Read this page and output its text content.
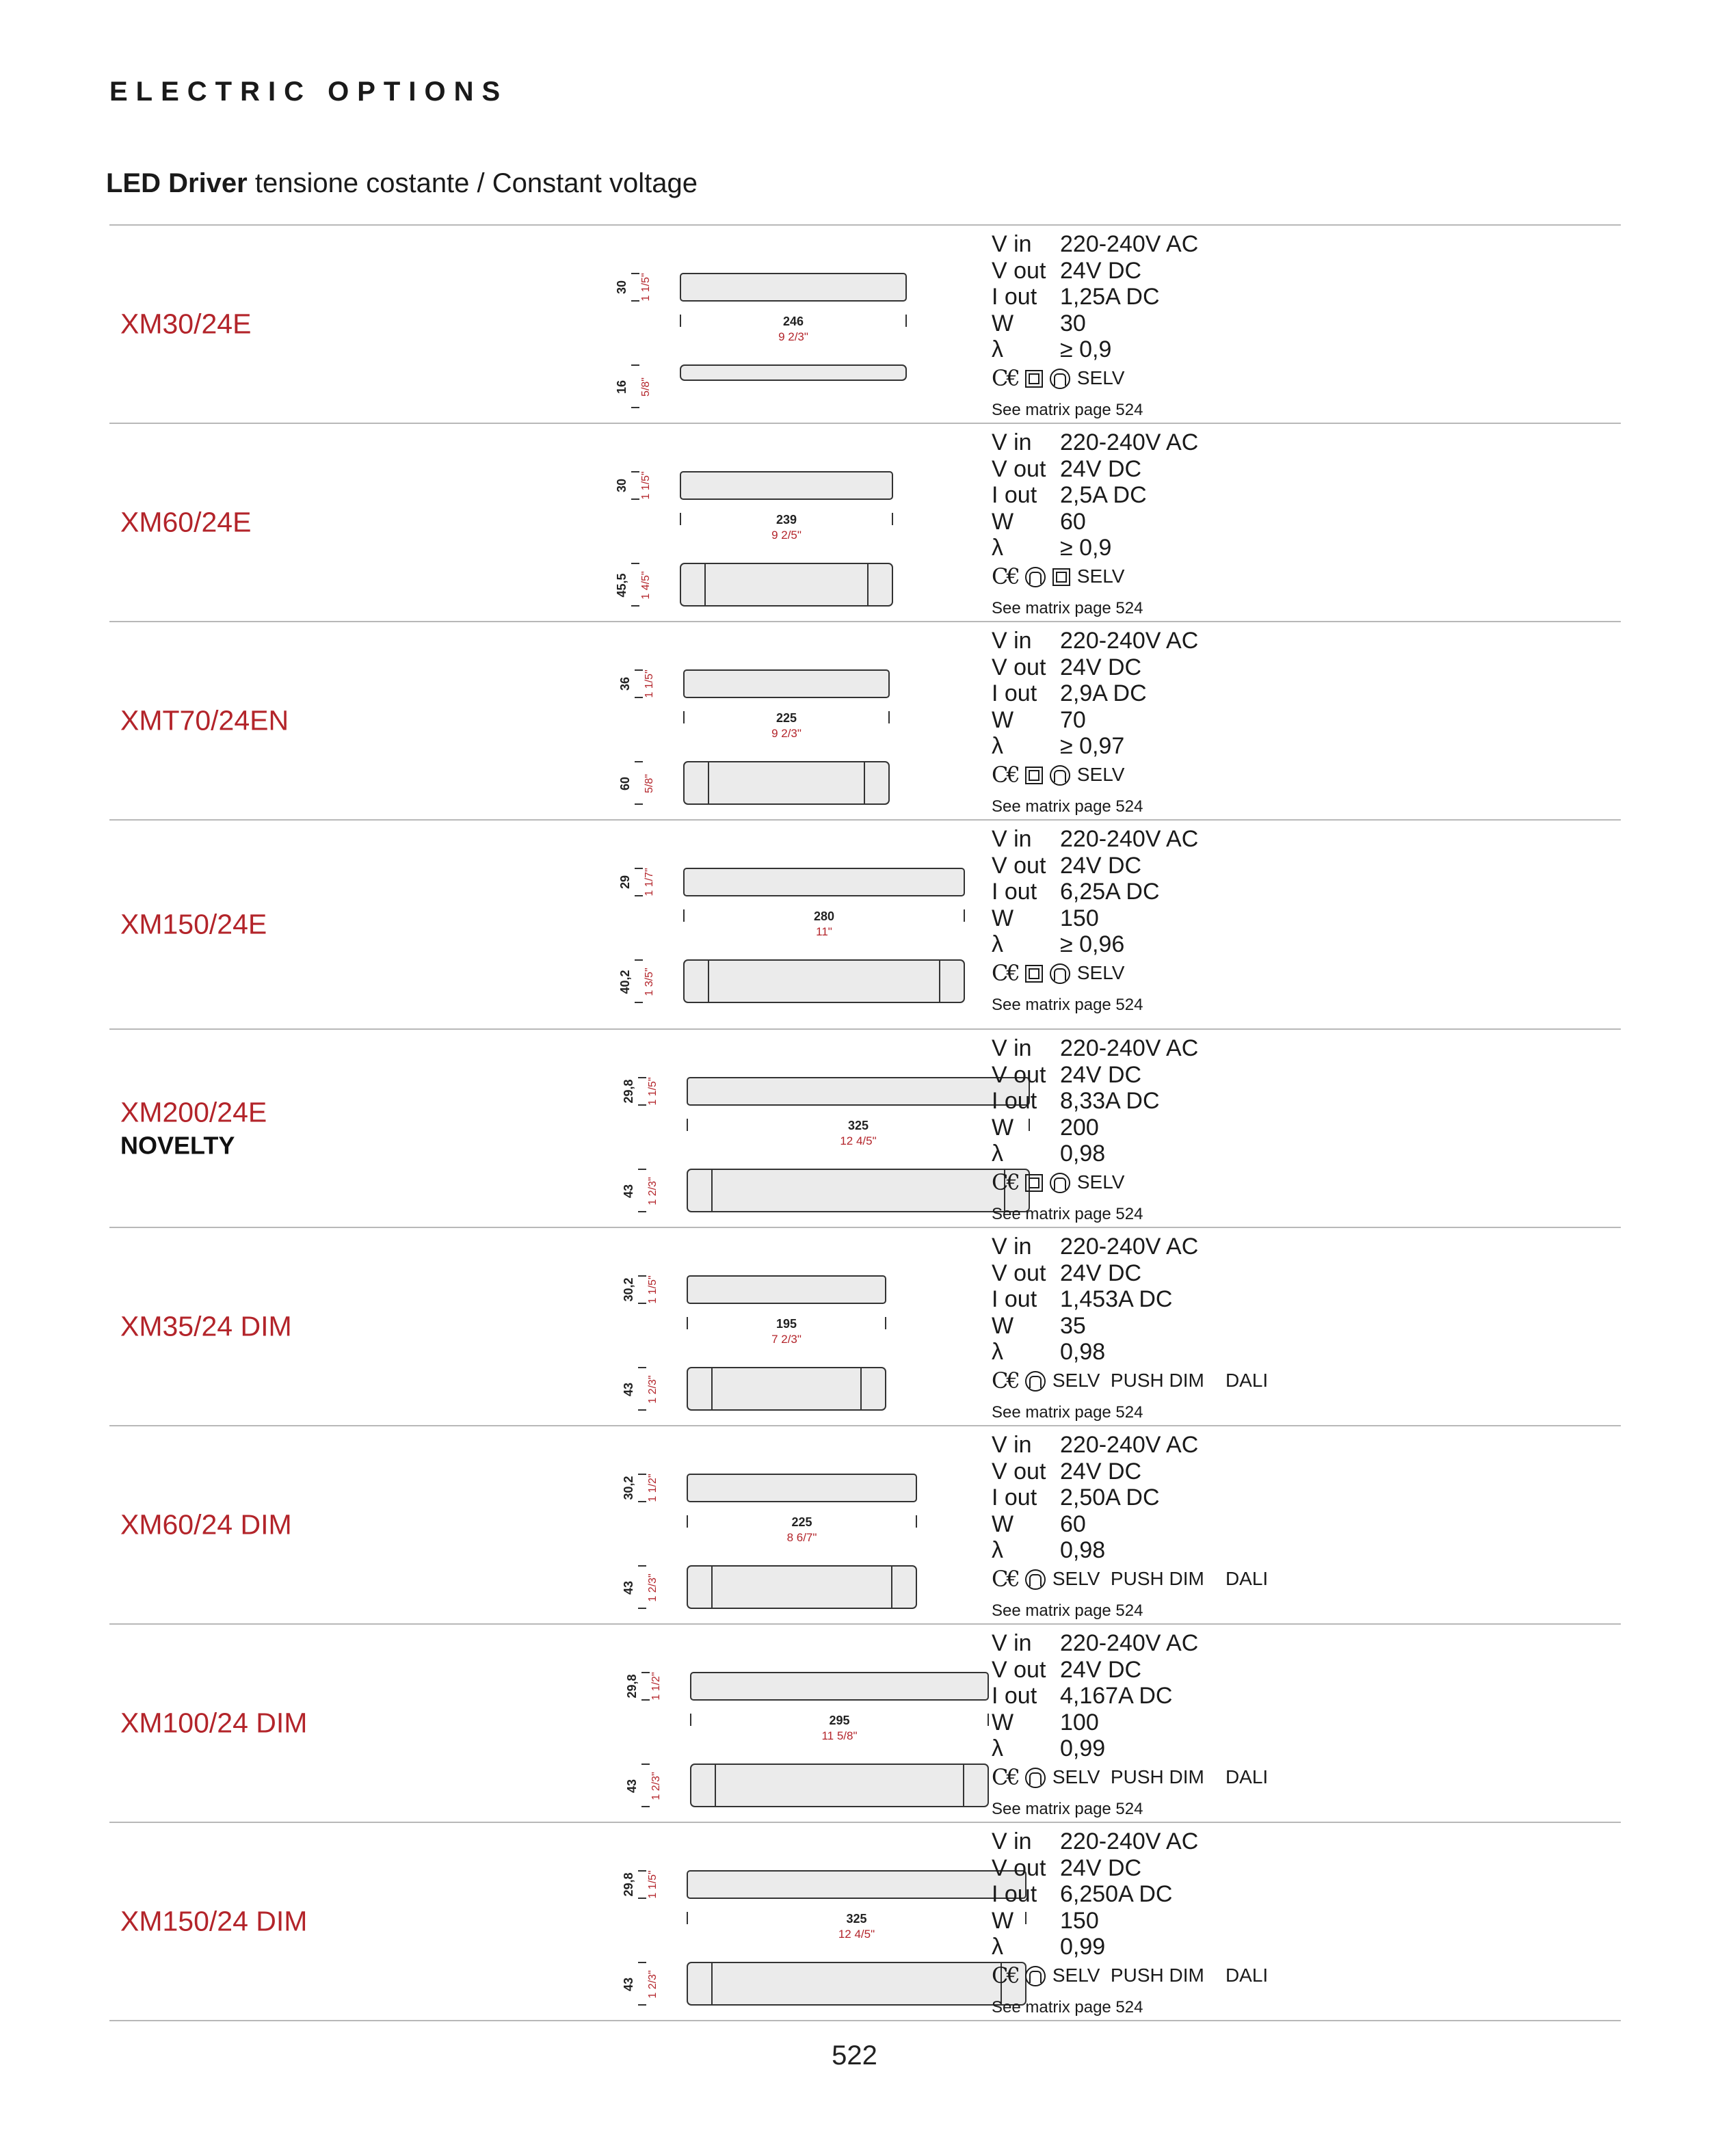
ELECTRIC OPTIONS
LED Driver tensione costante / Constant voltage
XM30/24E	246
9 2/3"
30 1 1/5"
16 5/8"
V in	220-240V AC
V out 24V DC
I out 1,25A DC
W	30
λ	≥ 0,9
C€	SELV
See matrix page 524
XM60/24E	239
9 2/5"
30 1 1/5"
45,5 1 4/5"
V in	220-240V AC
V out 24V DC
I out 2,5A DC
W	60
λ	≥ 0,9
C€	SELV
See matrix page 524
XMT70/24EN	225
9 2/3"
36 1 1/5"
60 5/8"
V in	220-240V AC
V out 24V DC
I out 2,9A DC
W	70
λ	≥ 0,97
C€	SELV
See matrix page 524
XM150/24E	280
11"
29 1 1/7"
40,2 1 3/5"
V in	220-240V AC
V out 24V DC
I out 6,25A DC
W	150
λ	≥ 0,96
C€	SELV
See matrix page 524
XM200/24E
NOVELTY
325
12 4/5"
29,8 1 1/5"
43 1 2/3"
V in	220-240V AC
V out 24V DC
I out 8,33A DC
W	200
λ	0,98
C€	SELV
See matrix page 524
XM35/24 DIM	195
7 2/3"
30,2 1 1/5"
43 1 2/3"
V in	220-240V AC
V out 24V DC
I out 1,453A DC
W	35
λ	0,98
C€ SELV  PUSH DIM    DALI
See matrix page 524
XM60/24 DIM	225
8 6/7"
30,2 1 1/2"
43 1 2/3"
V in	220-240V AC
V out 24V DC
I out 2,50A DC
W	60
λ	0,98
C€ SELV  PUSH DIM    DALI
See matrix page 524
XM100/24 DIM	295
11 5/8"
29,8 1 1/2"
43 1 2/3"
V in	220-240V AC
V out 24V DC
I out 4,167A DC
W	100
λ	0,99
C€ SELV  PUSH DIM    DALI
See matrix page 524
XM150/24 DIM	325
12 4/5"
29,8 1 1/5"
43 1 2/3"
V in	220-240V AC
V out 24V DC
I out 6,250A DC
W	150
λ	0,99
C€ SELV  PUSH DIM    DALI
See matrix page 524
522
